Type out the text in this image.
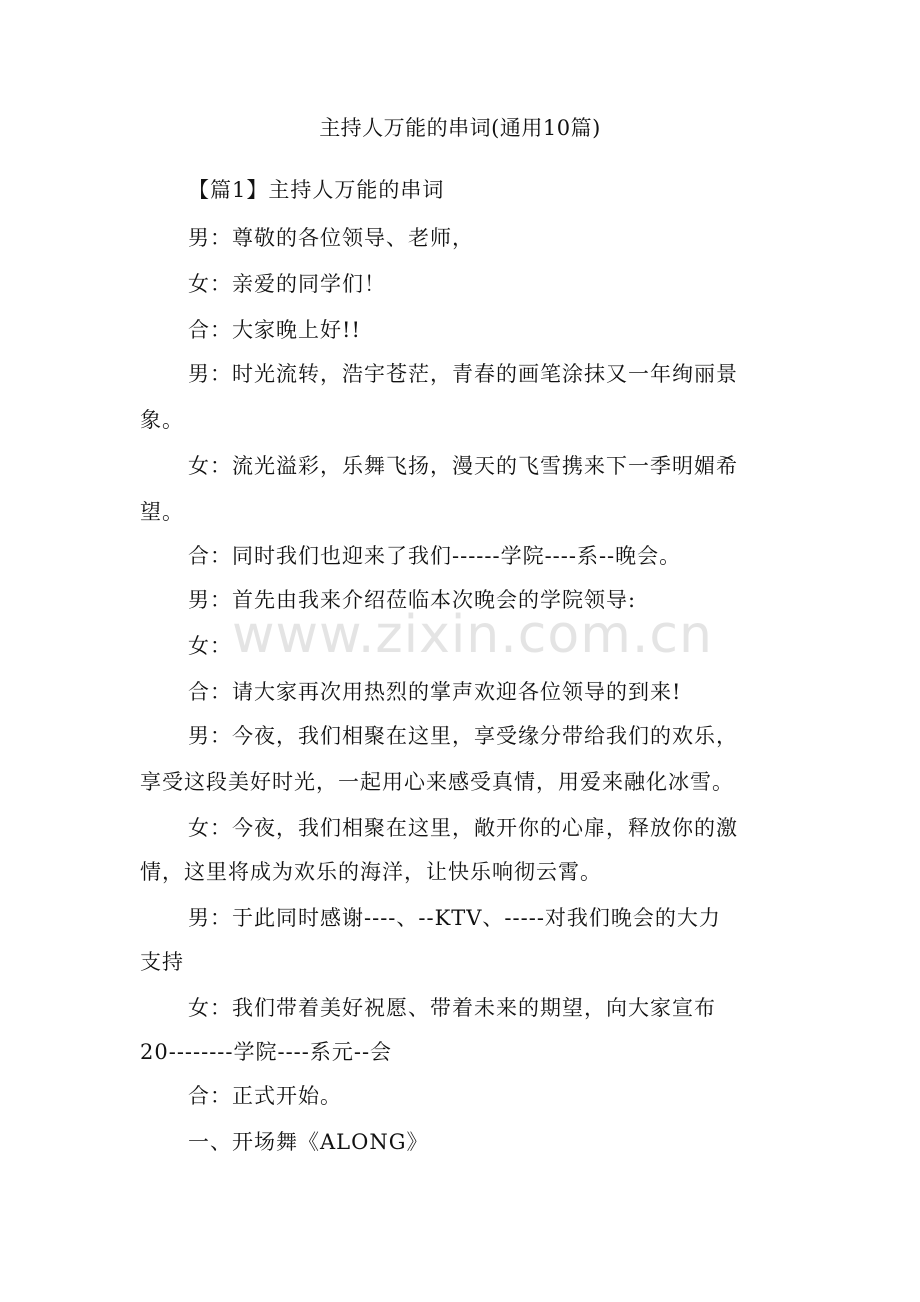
主持人万能的串词(通用10篇)
www.zixin.com.cn
【篇1】主持人万能的串词
男：尊敬的各位领导、老师，
女：亲爱的同学们！
合：大家晚上好!!
男：时光流转，浩宇苍茫，青春的画笔涂抹又一年绚丽景
象。
女：流光溢彩，乐舞飞扬，漫天的飞雪携来下一季明媚希
望。
合：同时我们也迎来了我们------学院----系--晚会。
男：首先由我来介绍莅临本次晚会的学院领导:
女：
合：请大家再次用热烈的掌声欢迎各位领导的到来!
男：今夜，我们相聚在这里，享受缘分带给我们的欢乐，
享受这段美好时光，一起用心来感受真情，用爱来融化冰雪。
女：今夜，我们相聚在这里，敞开你的心扉，释放你的激
情，这里将成为欢乐的海洋，让快乐响彻云霄。
男：于此同时感谢----、--KTV、-----对我们晚会的大力
支持
女：我们带着美好祝愿、带着未来的期望，向大家宣布
20--------学院----系元--会
合：正式开始。
一、开场舞《ALONG》
